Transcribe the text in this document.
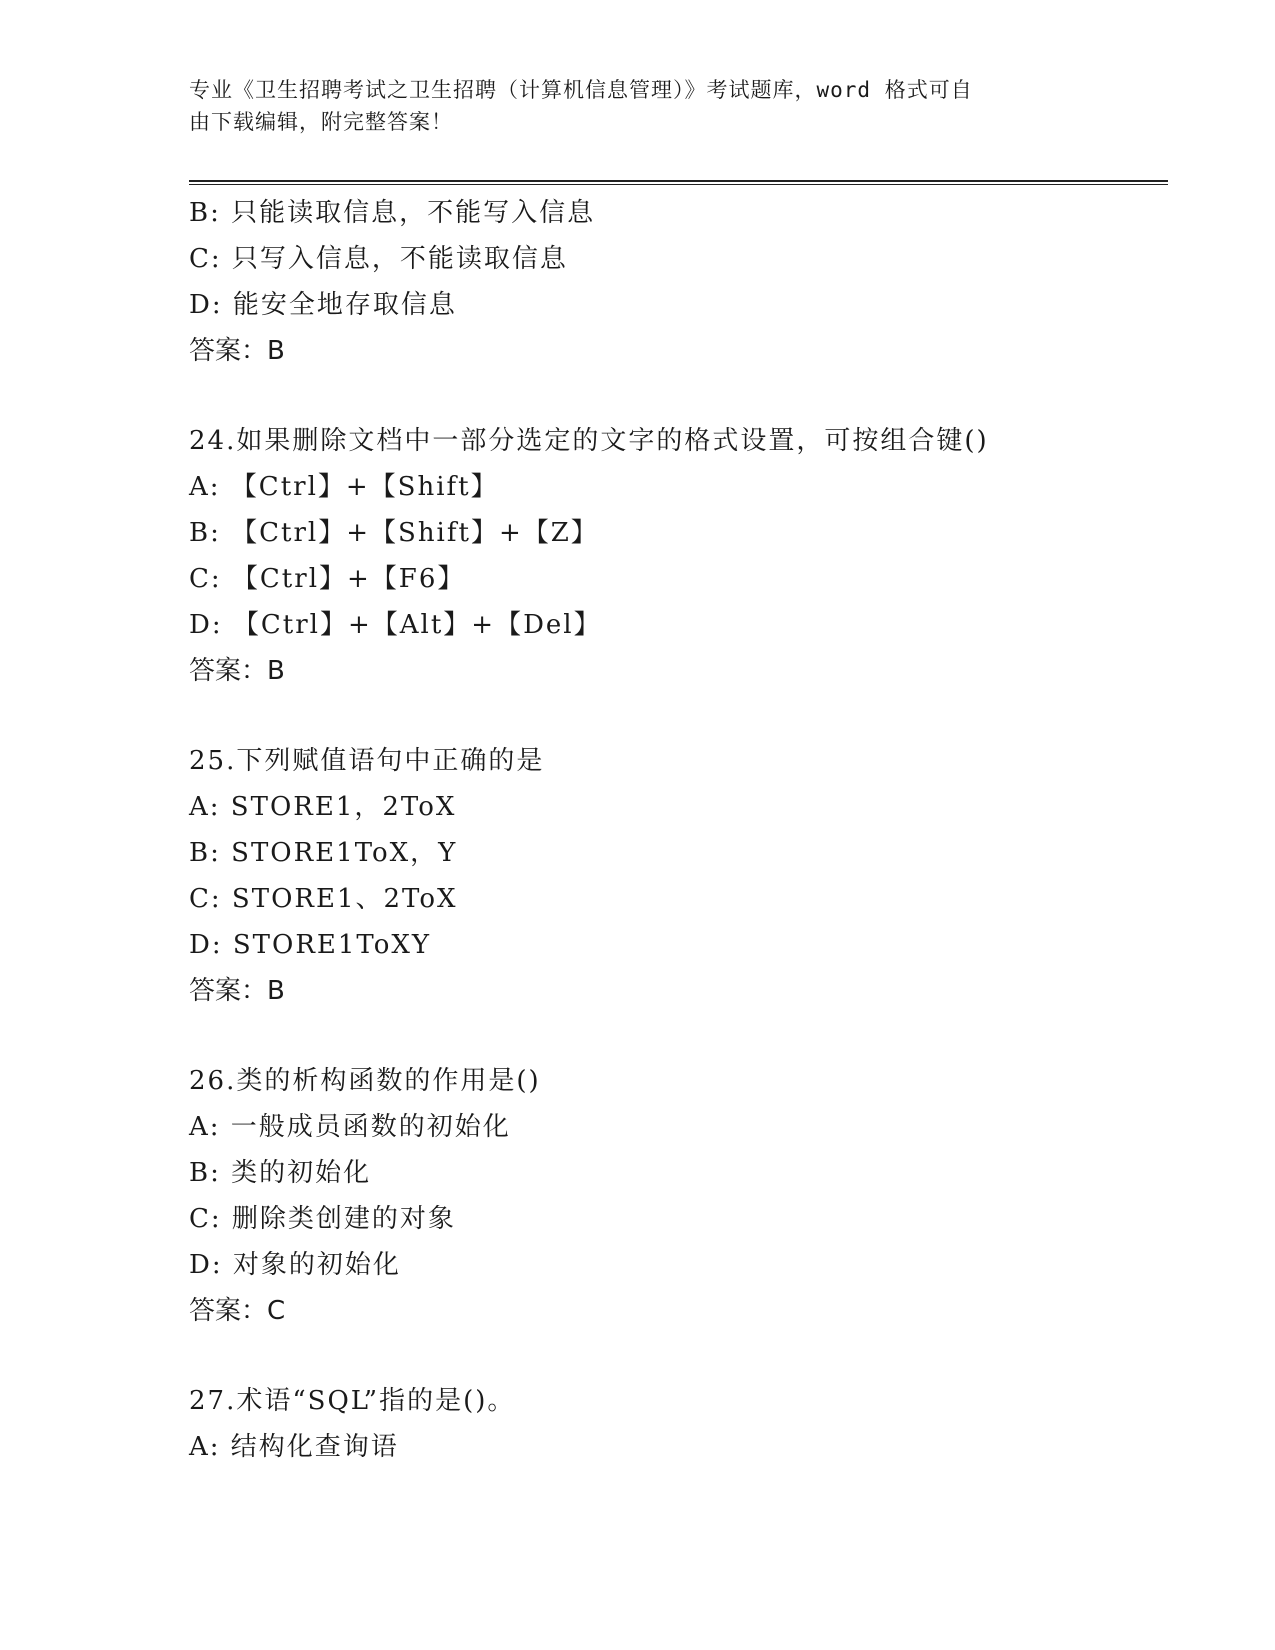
专业《卫生招聘考试之卫生招聘（计算机信息管理）》考试题库，word 格式可自
由下载编辑，附完整答案！
B: 只能读取信息，不能写入信息
C: 只写入信息，不能读取信息
D: 能安全地存取信息
答案：B
24.如果删除文档中一部分选定的文字的格式设置，可按组合键()
A: 【Ctrl】+【Shift】
B: 【Ctrl】+【Shift】+【Z】
C: 【Ctrl】+【F6】
D: 【Ctrl】+【Alt】+【Del】
答案：B
25.下列赋值语句中正确的是
A: STORE1，2ToX
B: STORE1ToX，Y
C: STORE1、2ToX
D: STORE1ToXY
答案：B
26.类的析构函数的作用是()
A: 一般成员函数的初始化
B: 类的初始化
C: 删除类创建的对象
D: 对象的初始化
答案：C
27.术语“SQL”指的是()。
A: 结构化查询语
